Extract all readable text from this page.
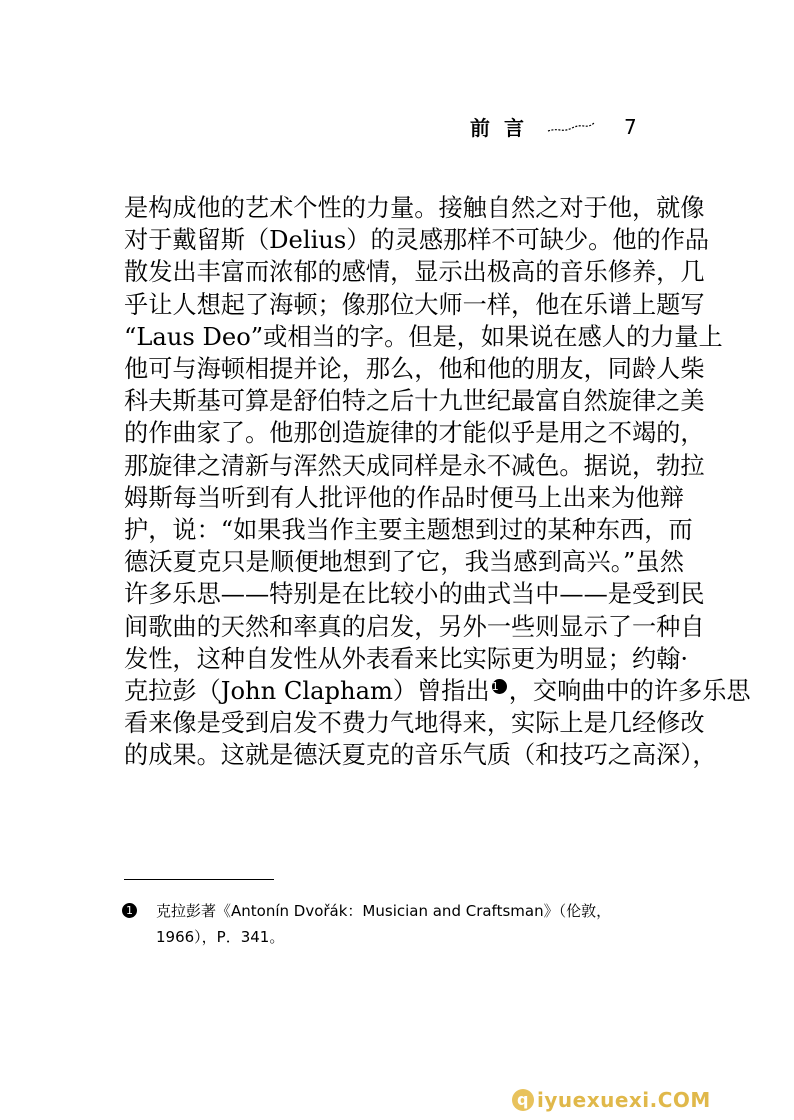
前言	7
是构成他的艺术个性的力量。接触自然之对于他，就像
对于戴留斯（Delius）的灵感那样不可缺少。他的作品
散发出丰富而浓郁的感情，显示出极高的音乐修养，几
乎让人想起了海顿；像那位大师一样，他在乐谱上题写
“Laus Deo”或相当的字。但是，如果说在感人的力量上
他可与海顿相提并论，那么，他和他的朋友，同龄人柴
科夫斯基可算是舒伯特之后十九世纪最富自然旋律之美
的作曲家了。他那创造旋律的才能似乎是用之不竭的，
那旋律之清新与浑然天成同样是永不减色。据说，勃拉
姆斯每当听到有人批评他的作品时便马上出来为他辩
护，说：“如果我当作主要主题想到过的某种东西，而
德沃夏克只是顺便地想到了它，我当感到高兴。”虽然
许多乐思——特别是在比较小的曲式当中——是受到民
间歌曲的天然和率真的启发，另外一些则显示了一种自
发性，这种自发性从外表看来比实际更为明显；约翰·
克拉彭（John Clapham）曾指出 1 ，交响曲中的许多乐思
看来像是受到启发不费力气地得来，实际上是几经修改
的成果。这就是德沃夏克的音乐气质（和技巧之高深），
1 克拉彭著《Antonín Dvořák：Musician and Craftsman》（伦敦，
1966），P．341。
q iyuexuexi.COM
